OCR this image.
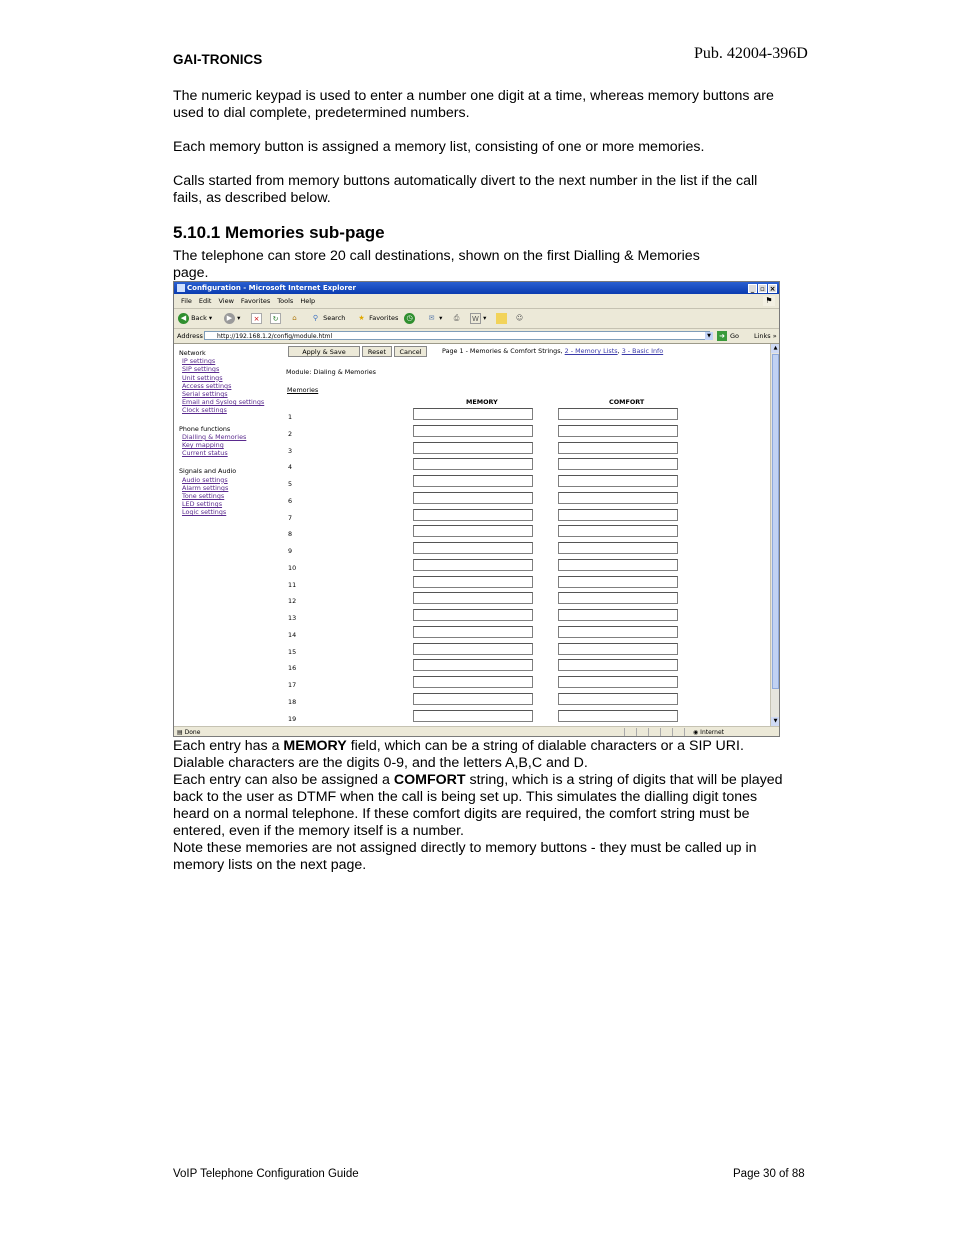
GAI-TRONICS	Pub. 42004-396D
The numeric keypad is used to enter a number one digit at a time, whereas memory buttons are used to dial complete, predetermined numbers.
Each memory button is assigned a memory list, consisting of one or more memories.
Calls started from memory buttons automatically divert to the next number in the list if the call fails, as described below.
5.10.1 Memories sub-page
The telephone can store 20 call destinations, shown on the first Dialling & Memories page.
Configuration - Microsoft Internet Explorer	_ ▫ ×
⚑
File Edit View Favorites Tools Help
◀ Back ▾	▶ ▾	×	↻	⌂	⚲ Search	★ Favorites	◷	✉ ▾	⎙	W ▾	☺
Address	http://192.168.1.2/config/module.html	▼ ➜ Go Links »
Network
IP settings
SIP settings
Unit settings
Access settings
Serial settings
Email and Syslog settings
Clock settings
Phone functions
Dialling & Memories
Key mapping
Current status
Signals and Audio
Audio settings
Alarm settings
Tone settings
LED settings
Logic settings
Apply & Save	Reset	Cancel	Page 1 - Memories & Comfort Strings, 2 - Memory Lists, 3 - Basic Info
Module: Dialing & Memories
Memories
MEMORY	COMFORT
1
2
3
4
5
6
7
8
9
10
11
12
13
14
15
16
17
18
19
▲
▼
▤ Done	◉ Internet
Each entry has a MEMORY field, which can be a string of dialable characters or a SIP URI.
Dialable characters are the digits 0-9, and the letters A,B,C and D.
Each entry can also be assigned a COMFORT string, which is a string of digits that will be played back to the user as DTMF when the call is being set up. This simulates the dialling digit tones heard on a normal telephone. If these comfort digits are required, the comfort string must be entered, even if the memory itself is a number.
Note these memories are not assigned directly to memory buttons - they must be called up in memory lists on the next page.
VoIP Telephone Configuration Guide	Page 30 of 88
